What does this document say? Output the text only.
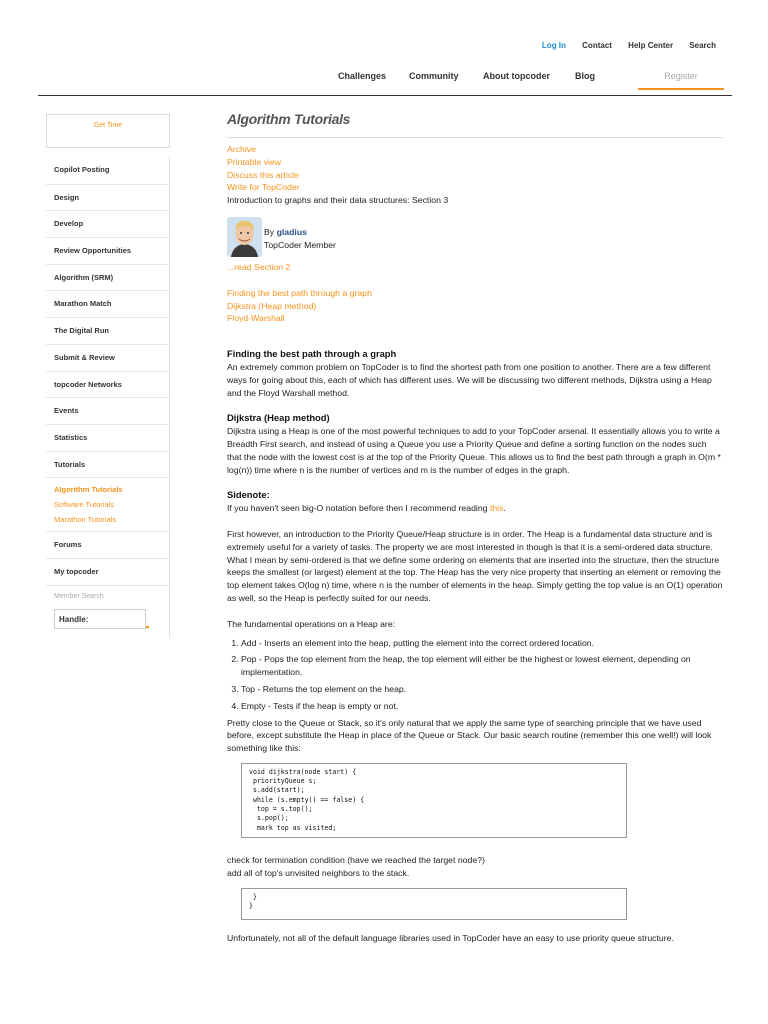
Log In Contact Help Center Search
Challenges	Community	About topcoder	Blog	Register
Get Time
Copilot Posting
Design
Develop
Review Opportunities
Algorithm (SRM)
Marathon Match
The Digital Run
Submit & Review
topcoder Networks
Events
Statistics
Tutorials
Algorithm Tutorials
Software Tutorials
Marathon Tutorials
Forums
My topcoder
Member Search
Handle:
Algorithm Tutorials
Archive
Printable view
Discuss this article
Write for TopCoder
Introduction to graphs and their data structures: Section 3
By gladius
TopCoder Member
...read Section 2
Finding the best path through a graph
Dijkstra (Heap method)
Floyd-Warshall
Finding the best path through a graph

An extremely common problem on TopCoder is to find the shortest path from one position to another. There are a few different ways for going about this, each of which has different uses. We will be discussing two different methods, Dijkstra using a Heap and the Floyd Warshall method.

Dijkstra (Heap method)

Dijkstra using a Heap is one of the most powerful techniques to add to your TopCoder arsenal. It essentially allows you to write a Breadth First search, and instead of using a Queue you use a Priority Queue and define a sorting function on the nodes such that the node with the lowest cost is at the top of the Priority Queue. This allows us to find the best path through a graph in O(m * log(n)) time where n is the number of vertices and m is the number of edges in the graph.

Sidenote:

If you haven't seen big-O notation before then I recommend reading this.

First however, an introduction to the Priority Queue/Heap structure is in order. The Heap is a fundamental data structure and is extremely useful for a variety of tasks. The property we are most interested in though is that it is a semi-ordered data structure. What I mean by semi-ordered is that we define some ordering on elements that are inserted into the structure, then the structure keeps the smallest (or largest) element at the top. The Heap has the very nice property that inserting an element or removing the top element takes O(log n) time, where n is the number of elements in the heap. Simply getting the top value is an O(1) operation as well, so the Heap is perfectly suited for our needs.

The fundamental operations on a Heap are:

1. Add - Inserts an element into the heap, putting the element into the correct ordered location.
2. Pop - Pops the top element from the heap, the top element will either be the highest or lowest element, depending on implementation.
3. Top - Returns the top element on the heap.
4. Empty - Tests if the heap is empty or not.

Pretty close to the Queue or Stack, so it's only natural that we apply the same type of searching principle that we have used before, except substitute the Heap in place of the Queue or Stack. Our basic search routine (remember this one well!) will look something like this:

void dijkstra(node start) {
priorityQueue s;
s.add(start);
while (s.empty() == false) {
top = s.top();
s.pop();
mark top as visited;

check for termination condition (have we reached the target node?)

add all of top's unvisited neighbors to the stack.

}
}

Unfortunately, not all of the default language libraries used in TopCoder have an easy to use priority queue structure.
